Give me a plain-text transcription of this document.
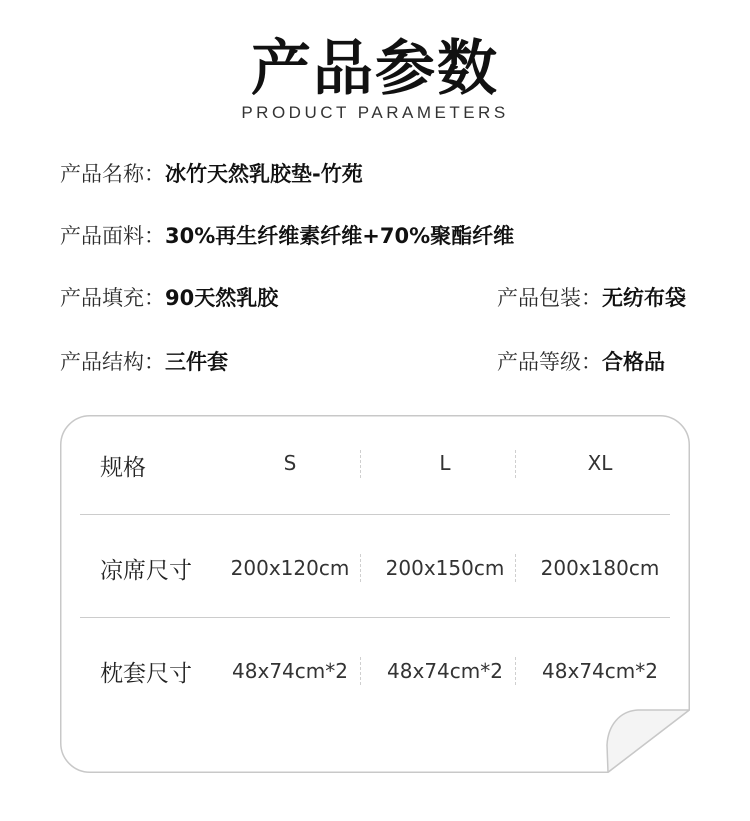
产品参数
PRODUCT PARAMETERS
产品名称：冰竹天然乳胶垫-竹苑
产品面料：30%再生纤维素纤维+70%聚酯纤维
产品填充：90天然乳胶	产品包装：无纺布袋
产品结构：三件套	产品等级：合格品
规格	S	L	XL
凉席尺寸	200x120cm	200x150cm	200x180cm
枕套尺寸	48x74cm*2	48x74cm*2	48x74cm*2
